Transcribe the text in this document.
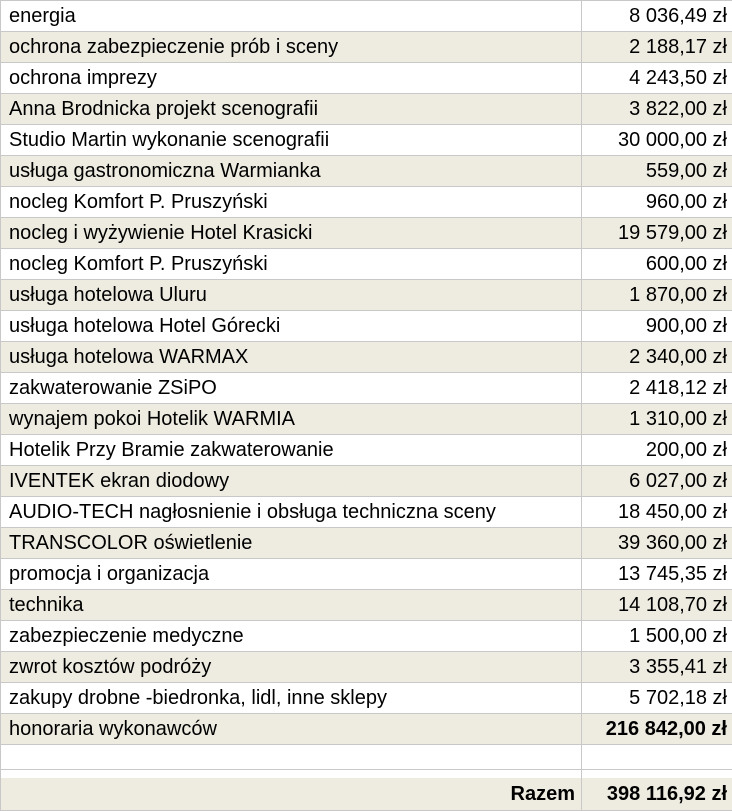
energia	8 036,49 zł
ochrona zabezpieczenie prób i sceny	2 188,17 zł
ochrona imprezy	4 243,50 zł
Anna Brodnicka projekt scenografii	3 822,00 zł
Studio Martin wykonanie scenografii	30 000,00 zł
usługa gastronomiczna Warmianka	559,00 zł
nocleg Komfort P. Pruszyński	960,00 zł
nocleg i wyżywienie Hotel Krasicki	19 579,00 zł
nocleg Komfort P. Pruszyński	600,00 zł
usługa hotelowa Uluru	1 870,00 zł
usługa hotelowa Hotel Górecki	900,00 zł
usługa hotelowa WARMAX	2 340,00 zł
zakwaterowanie ZSiPO	2 418,12 zł
wynajem pokoi Hotelik WARMIA	1 310,00 zł
Hotelik Przy Bramie zakwaterowanie	200,00 zł
IVENTEK ekran diodowy	6 027,00 zł
AUDIO-TECH nagłosnienie i obsługa techniczna sceny	18 450,00 zł
TRANSCOLOR oświetlenie	39 360,00 zł
promocja i organizacja	13 745,35 zł
technika	14 108,70 zł
zabezpieczenie medyczne	1 500,00 zł
zwrot kosztów podróży	3 355,41 zł
zakupy drobne -biedronka, lidl, inne sklepy	5 702,18 zł
honoraria wykonawców	216 842,00 zł

Razem	398 116,92 zł
